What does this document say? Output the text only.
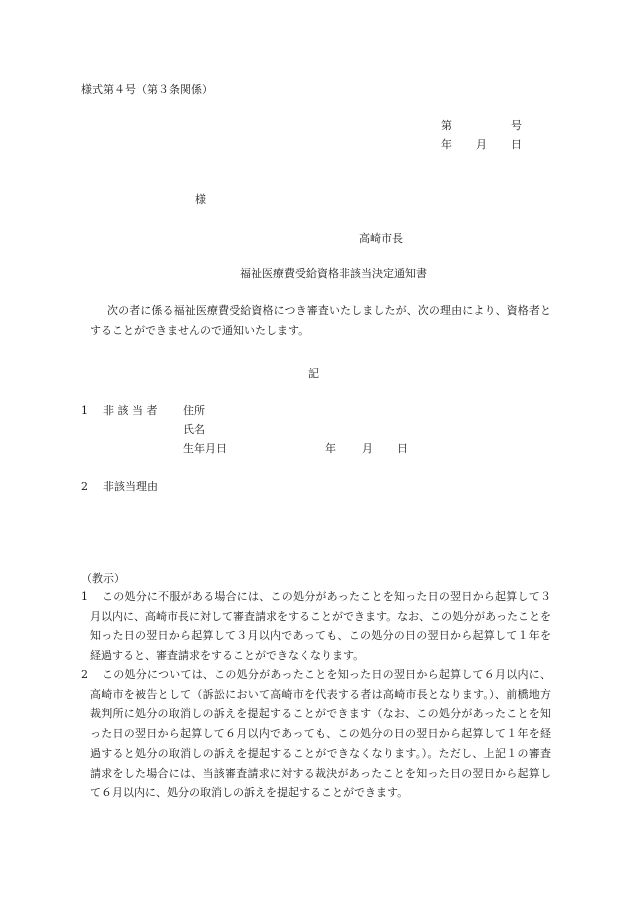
様式第４号（第３条関係）
第	号
年 月 日
様
高崎市長
福祉医療費受給資格非該当決定通知書
次の者に係る福祉医療費受給資格につき審査いたしましたが、次の理由により、資格者とすることができませんので通知いたします。
記
1 非 該 当 者 住所
氏名
生年月日	年 月 日
2 非該当理由
（教示）
1	この処分に不服がある場合には、この処分があったことを知った日の翌日から起算して３月以内に、高崎市長に対して審査請求をすることができます。なお、この処分があったことを知った日の翌日から起算して３月以内であっても、この処分の日の翌日から起算して１年を経過すると、審査請求をすることができなくなります。
2	この処分については、この処分があったことを知った日の翌日から起算して６月以内に、高崎市を被告として（訴訟において高崎市を代表する者は高崎市長となります。）、前橋地方裁判所に処分の取消しの訴えを提起することができます（なお、この処分があったことを知った日の翌日から起算して６月以内であっても、この処分の日の翌日から起算して１年を経過すると処分の取消しの訴えを提起することができなくなります。）。ただし、上記１の審査請求をした場合には、当該審査請求に対する裁決があったことを知った日の翌日から起算して６月以内に、処分の取消しの訴えを提起することができます。
